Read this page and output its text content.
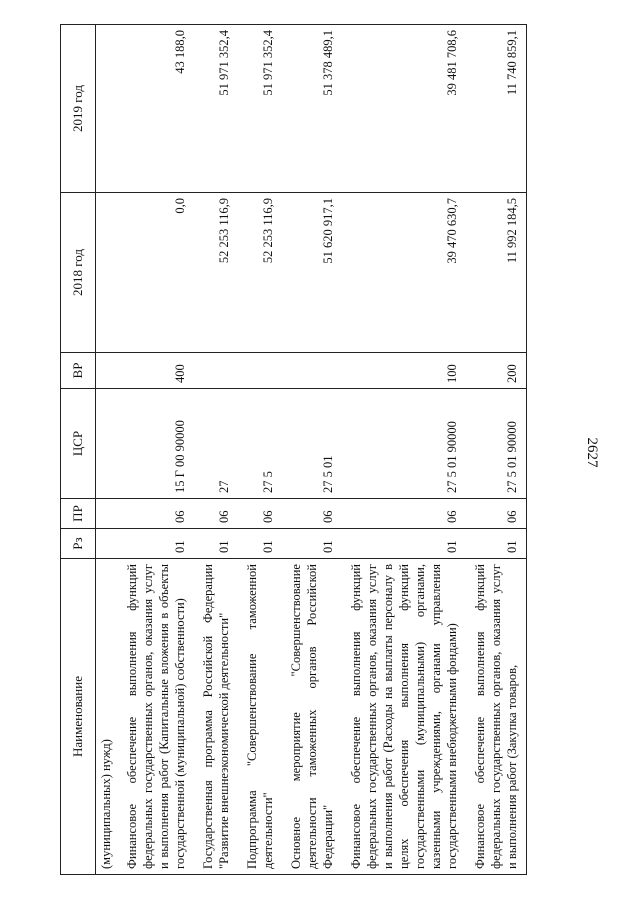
2627
Наименование	Рз	ПР	ЦСР	ВР	2018 год	2019 год
(муниципальных) нужд)						
Финансовое обеспечение выполнения функций федеральных государственных органов, оказания услуг и выполнения работ (Капитальные вложения в объекты государственной (муниципальной) собственности)	01	06	15 Г 00 90000	400	0,0	43 188,0
Государственная программа Российской Федерации "Развитие внешнеэкономической деятельности"	01	06	27		52 253 116,9	51 971 352,4
Подпрограмма "Совершенствование таможенной деятельности"	01	06	27 5		52 253 116,9	51 971 352,4
Основное мероприятие "Совершенствование деятельности таможенных органов Российской Федерации"	01	06	27 5 01		51 620 917,1	51 378 489,1
Финансовое обеспечение выполнения функций федеральных государственных органов, оказания услуг и выполнения работ (Расходы на выплаты персоналу в целях обеспечения выполнения функций государственными (муниципальными) органами, казенными учреждениями, органами управления государственными внебюджетными фондами)	01	06	27 5 01 90000	100	39 470 630,7	39 481 708,6
Финансовое обеспечение выполнения функций федеральных государственных органов, оказания услуг и выполнения работ (Закупка товаров,	01	06	27 5 01 90000	200	11 992 184,5	11 740 859,1
